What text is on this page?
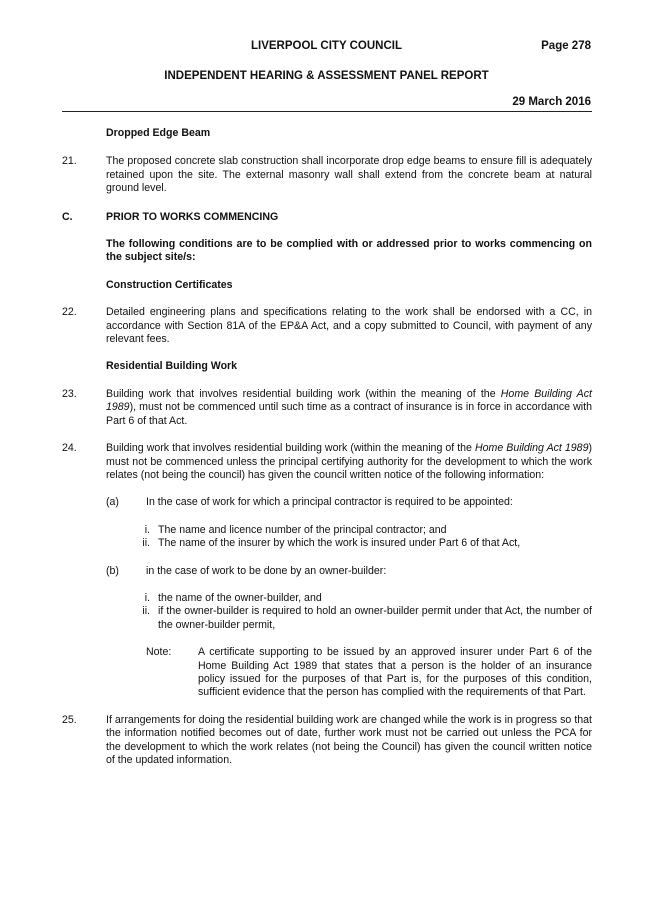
LIVERPOOL CITY COUNCIL	Page 278
INDEPENDENT HEARING & ASSESSMENT PANEL REPORT
29 March 2016
Dropped Edge Beam
21.	The proposed concrete slab construction shall incorporate drop edge beams to ensure fill is adequately retained upon the site. The external masonry wall shall extend from the concrete beam at natural ground level.
C.	PRIOR TO WORKS COMMENCING
The following conditions are to be complied with or addressed prior to works commencing on the subject site/s:
Construction Certificates
22.	Detailed engineering plans and specifications relating to the work shall be endorsed with a CC, in accordance with Section 81A of the EP&A Act, and a copy submitted to Council, with payment of any relevant fees.
Residential Building Work
23.	Building work that involves residential building work (within the meaning of the Home Building Act 1989), must not be commenced until such time as a contract of insurance is in force in accordance with Part 6 of that Act.
24.	Building work that involves residential building work (within the meaning of the Home Building Act 1989) must not be commenced unless the principal certifying authority for the development to which the work relates (not being the council) has given the council written notice of the following information:
(a)	In the case of work for which a principal contractor is required to be appointed:
i. The name and licence number of the principal contractor; and
ii. The name of the insurer by which the work is insured under Part 6 of that Act,
(b)	in the case of work to be done by an owner-builder:
i. the name of the owner-builder, and
ii. if the owner-builder is required to hold an owner-builder permit under that Act, the number of the owner-builder permit,
Note:	A certificate supporting to be issued by an approved insurer under Part 6 of the Home Building Act 1989 that states that a person is the holder of an insurance policy issued for the purposes of that Part is, for the purposes of this condition, sufficient evidence that the person has complied with the requirements of that Part.
25.	If arrangements for doing the residential building work are changed while the work is in progress so that the information notified becomes out of date, further work must not be carried out unless the PCA for the development to which the work relates (not being the Council) has given the council written notice of the updated information.
